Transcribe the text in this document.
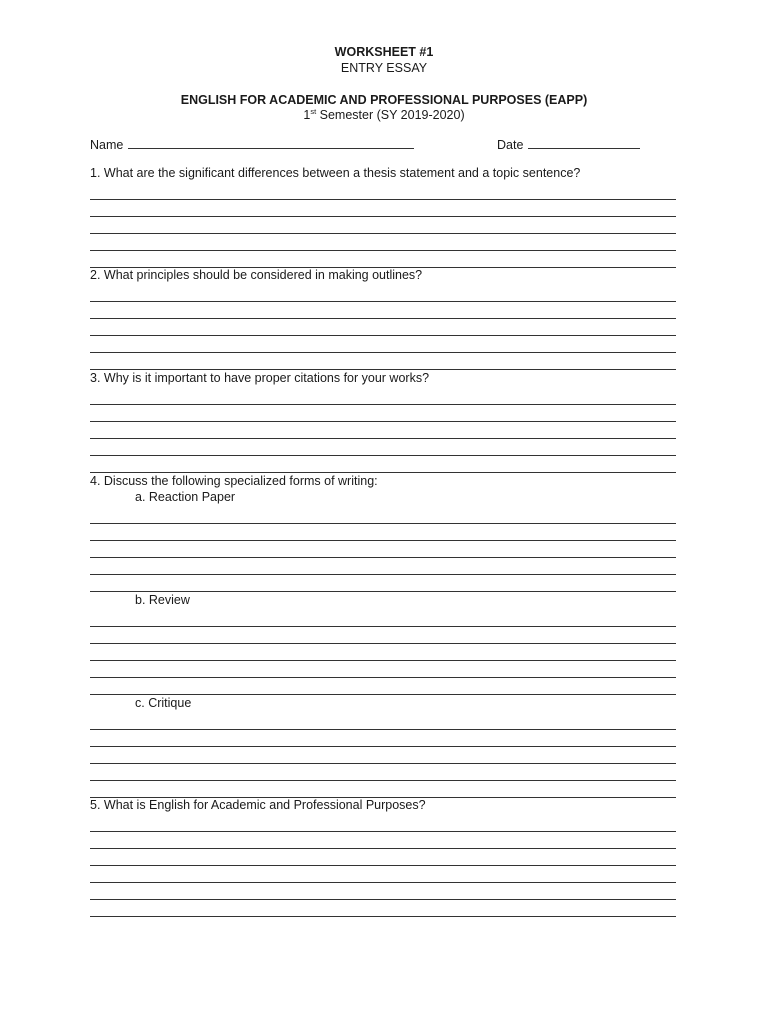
WORKSHEET #1
ENTRY ESSAY
ENGLISH FOR ACADEMIC AND PROFESSIONAL PURPOSES (EAPP)
1st Semester (SY 2019-2020)
Name	Date

1. What are the significant differences between a thesis statement and a topic sentence?

2. What principles should be considered in making outlines?

3. Why is it important to have proper citations for your works?

4. Discuss the following specialized forms of writing:

a. Reaction Paper

b. Review

c. Critique

5. What is English for Academic and Professional Purposes?
